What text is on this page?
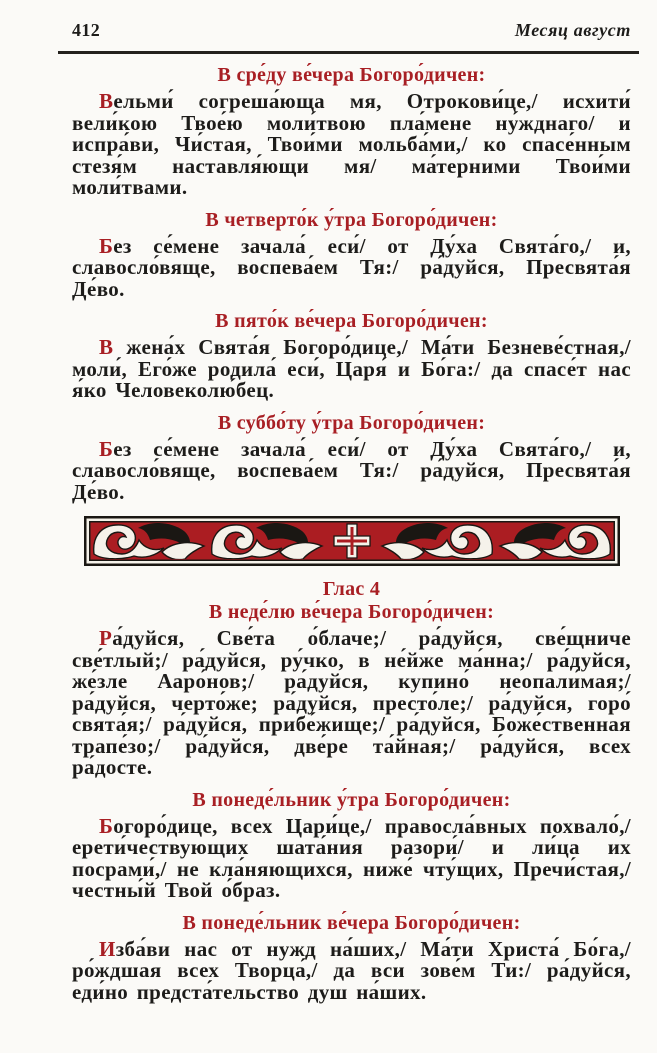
412	Месяц август
В сре́ду ве́чера Богоро́дичен:

Вельми́ согреша́юща мя, Отрокови́це,/ исхити́ вели́кою Твое́ю моли́твою пла́мене ну́жднаго/ и испра́ви, Чи́стая, Твои́ми мольба́ми,/ ко спасе́нным стезя́м наставля́ющи мя/ ма́терними Твои́ми моли́твами.

В четверто́к у́тра Богоро́дичен:

Без се́мене зачала́ еси́/ от Ду́ха Свята́го,/ и, славосло́вяще, воспева́ем Тя:/ ра́дуйся, Пресвята́я Де́во.

В пято́к ве́чера Богоро́дичен:

В жена́х Свята́я Богоро́дице,/ Ма́ти Безневе́стная,/ моли́, Его́же родила́ еси́, Царя́ и Бо́га:/ да спасе́т нас я́ко Человеколю́бец.

В суббо́ту у́тра Богоро́дичен:

Без се́мене зачала́ еси́/ от Ду́ха Свята́го,/ и, славосло́вяще, воспева́ем Тя:/ ра́дуйся, Пресвята́я Де́во.

Глас 4
В неде́лю ве́чера Богоро́дичен:

Ра́дуйся, Све́та о́блаче;/ ра́дуйся, све́щниче све́тлый;/ ра́дуйся, ру́чко, в не́йже ма́нна;/ ра́дуйся, же́зле Ааро́нов;/ ра́дуйся, купино́ неопали́мая;/ ра́дуйся, черто́же; ра́дуйся, престо́ле;/ ра́дуйся, горо́ свята́я;/ ра́дуйся, прибе́жище;/ ра́дуйся, Боже́ственная трапе́зо;/ ра́дуйся, две́ре та́йная;/ ра́дуйся, всех ра́досте.

В понеде́льник у́тра Богоро́дичен:

Богоро́дице, всех Цари́це,/ правосла́вных похвало́,/ ерети́чествующих шата́ния разори́/ и ли́ца их посрами́,/ не кла́няющихся, ниже́ чту́щих, Пречи́стая,/ честны́й Твой о́браз.

В понеде́льник ве́чера Богоро́дичен:

Изба́ви нас от нужд на́ших,/ Ма́ти Христа́ Бо́га,/ ро́ждшая всех Творца́,/ да вси зове́м Ти:/ ра́дуйся, еди́но предста́тельство душ на́ших.
